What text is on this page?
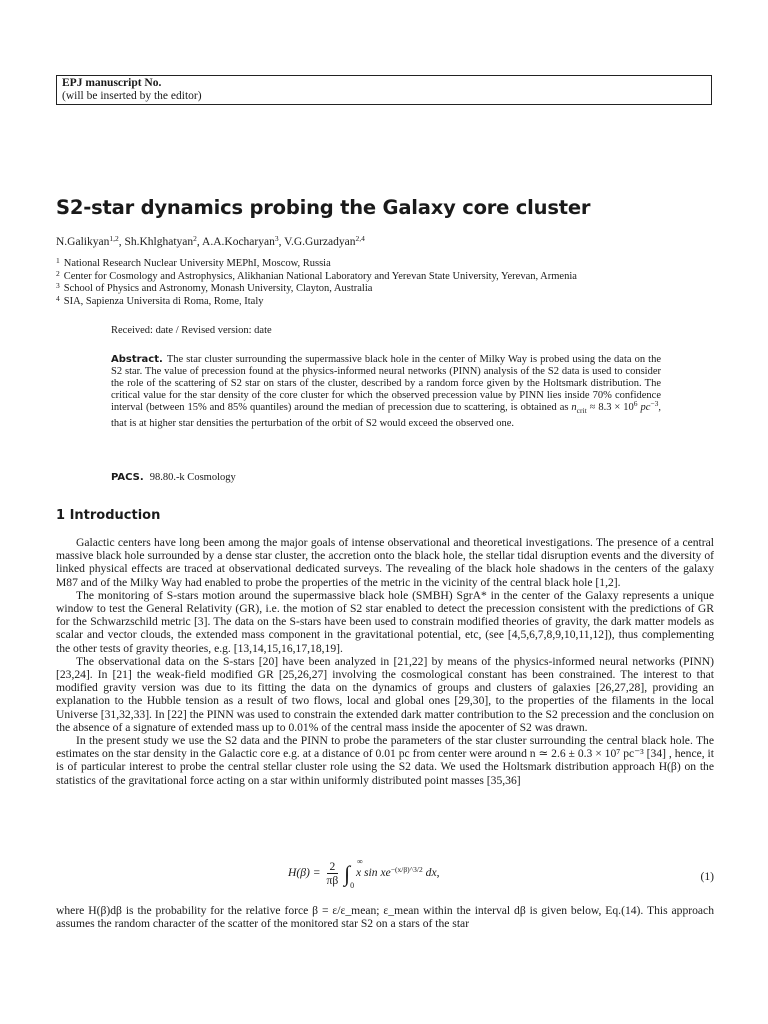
EPJ manuscript No.
(will be inserted by the editor)
S2-star dynamics probing the Galaxy core cluster
N.Galikyan$^{1,2}$, Sh.Khlghatyan$^2$, A.A.Kocharyan$^3$, V.G.Gurzadyan$^{2,4}$
$^1$ National Research Nuclear University MEPhI, Moscow, Russia
$^2$ Center for Cosmology and Astrophysics, Alikhanian National Laboratory and Yerevan State University, Yerevan, Armenia
$^3$ School of Physics and Astronomy, Monash University, Clayton, Australia
$^4$ SIA, Sapienza Universita di Roma, Rome, Italy
Received: date / Revised version: date
Abstract. The star cluster surrounding the supermassive black hole in the center of Milky Way is probed using the data on the S2 star. The value of precession found at the physics-informed neural networks (PINN) analysis of the S2 data is used to consider the role of the scattering of S2 star on stars of the cluster, described by a random force given by the Holtsmark distribution. The critical value for the star density of the core cluster for which the observed precession value by PINN lies inside 70% confidence interval (between 15% and 85% quantiles) around the median of precession due to scattering, is obtained as $n_{crit} \approx 8.3 \times 10^6$ $pc^{-3}$, that is at higher star densities the perturbation of the orbit of S2 would exceed the observed one.
PACS. 98.80.-k Cosmology
1 Introduction

Galactic centers have long been among the major goals of intense observational and theoretical investigations. The presence of a central massive black hole surrounded by a dense star cluster, the accretion onto the black hole, the stellar tidal disruption events and the diversity of linked physical effects are traced at observational dedicated surveys. The revealing of the black hole shadows in the centers of the galaxy M87 and of the Milky Way had enabled to probe the properties of the metric in the vicinity of the central black hole [1,2].

The monitoring of S-stars motion around the supermassive black hole (SMBH) SgrA* in the center of the Galaxy represents a unique window to test the General Relativity (GR), i.e. the motion of S2 star enabled to detect the precession consistent with the predictions of GR for the Schwarzschild metric [3]. The data on the S-stars have been used to constrain modified theories of gravity, the dark matter models as scalar and vector clouds, the extended mass component in the gravitational potential, etc, (see [4,5,6,7,8,9,10,11,12]), thus complementing the other tests of gravity theories, e.g. [13,14,15,16,17,18,19].

The observational data on the S-stars [20] have been analyzed in [21,22] by means of the physics-informed neural networks (PINN) [23,24]. In [21] the weak-field modified GR [25,26,27] involving the cosmological constant has been constrained. The interest to that modified gravity version was due to its fitting the data on the dynamics of groups and clusters of galaxies [26,27,28], providing an explanation to the Hubble tension as a result of two flows, local and global ones [29,30], to the properties of the filaments in the local Universe [31,32,33]. In [22] the PINN was used to constrain the extended dark matter contribution to the S2 precession and the conclusion on the absence of a signature of extended mass up to 0.01% of the central mass inside the apocenter of S2 was drawn.

In the present study we use the S2 data and the PINN to probe the parameters of the star cluster surrounding the central black hole. The estimates on the star density in the Galactic core e.g. at a distance of 0.01 pc from center were around n ≃ 2.6 ± 0.3 × 10⁷ pc⁻³ [34] , hence, it is of particular interest to probe the central stellar cluster role using the S2 data. We used the Holtsmark distribution approach H(β) on the statistics of the gravitational force acting on a star within uniformly distributed point masses [35,36]

$H(\beta) = \frac{2}{\pi\beta}$ ∫ ∞
0
x $\sin xe^{-(x/\beta)\^{}3/2}$ dx,	(1)
where H(β)dβ is the probability for the relative force β = ε/ε_mean; ε_mean within the interval dβ is given below, Eq.(14). This approach assumes the random character of the scatter of the monitored star S2 on a stars of the star
